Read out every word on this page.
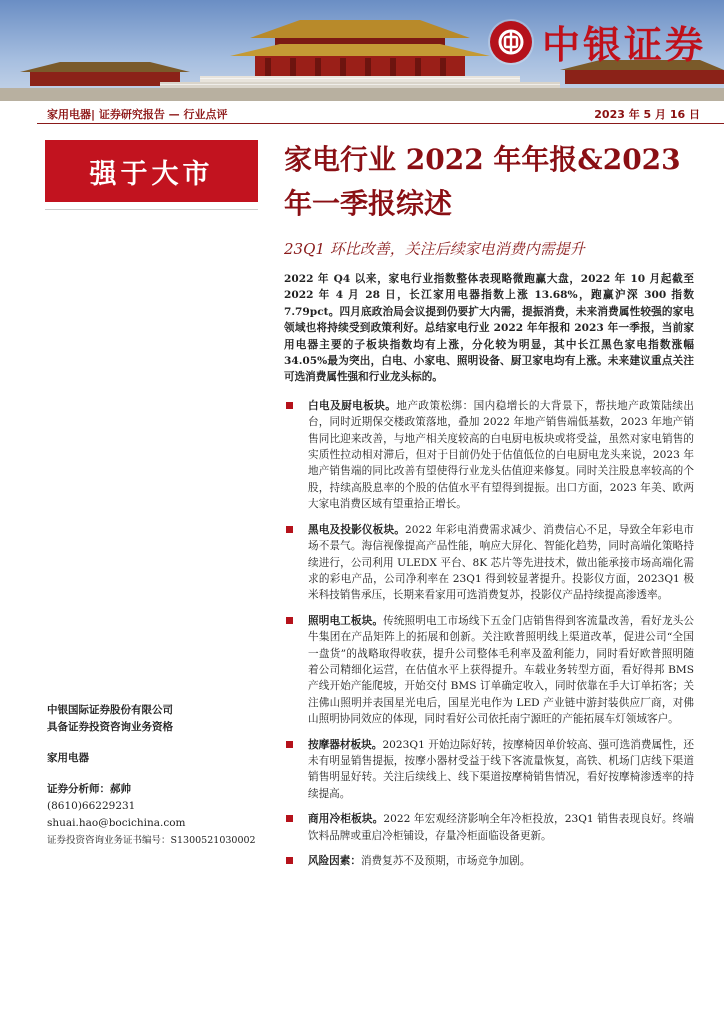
中银证券
家用电器| 证券研究报告 — 行业点评	2023 年 5 月 16 日
强于大市
中银国际证券股份有限公司
具备证券投资咨询业务资格
家用电器
证券分析师：郝帅
(8610)66229231
shuai.hao@bocichina.com
证券投资咨询业务证书编号：S1300521030002
家电行业 2022 年年报&2023 年一季报综述
23Q1 环比改善，关注后续家电消费内需提升
2022 年 Q4 以来，家电行业指数整体表现略微跑赢大盘，2022 年 10 月起截至 2022 年 4 月 28 日，长江家用电器指数上涨 13.68%，跑赢沪深 300 指数 7.79pct。四月底政治局会议提到仍要扩大内需，提振消费，未来消费属性较强的家电领域也将持续受到政策利好。总结家电行业 2022 年年报和 2023 年一季报，当前家用电器主要的子板块指数均有上涨，分化较为明显，其中长江黑色家电指数涨幅 34.05%最为突出，白电、小家电、照明设备、厨卫家电均有上涨。未来建议重点关注可选消费属性强和行业龙头标的。
白电及厨电板块。地产政策松绑：国内稳增长的大背景下，帮扶地产政策陆续出台，同时近期保交楼政策落地，叠加 2022 年地产销售端低基数，2023 年地产销售同比迎来改善，与地产相关度较高的白电厨电板块或将受益，虽然对家电销售的实质性拉动相对滞后，但对于目前仍处于估值低位的白电厨电龙头来说，2023 年地产销售端的同比改善有望使得行业龙头估值迎来修复。同时关注股息率较高的个股，持续高股息率的个股的估值水平有望得到提振。出口方面，2023 年美、欧两大家电消费区域有望重拾正增长。
黑电及投影仪板块。2022 年彩电消费需求减少、消费信心不足，导致全年彩电市场不景气。海信视像提高产品性能，响应大屏化、智能化趋势，同时高端化策略持续进行，公司利用 ULEDX 平台、8K 芯片等先进技术，做出能承接市场高端化需求的彩电产品，公司净利率在 23Q1 得到较显著提升。投影仪方面，2023Q1 极米科技销售承压，长期来看家用可选消费复苏，投影仪产品持续提高渗透率。
照明电工板块。传统照明电工市场线下五金门店销售得到客流量改善，看好龙头公牛集团在产品矩阵上的拓展和创新。关注欧普照明线上渠道改革，促进公司“全国一盘货”的战略取得收获，提升公司整体毛利率及盈利能力，同时看好欧普照明随着公司精细化运营，在估值水平上获得提升。车载业务转型方面，看好得邦 BMS 产线开始产能爬坡，开始交付 BMS 订单确定收入，同时依靠在手大订单拓客；关注佛山照明并表国星光电后，国星光电作为 LED 产业链中游封装供应厂商，对佛山照明协同效应的体现，同时看好公司依托南宁源旺的产能拓展车灯领域客户。
按摩器材板块。2023Q1 开始边际好转，按摩椅因单价较高、强可选消费属性，还未有明显销售提振，按摩小器材受益于线下客流量恢复，高铁、机场门店线下渠道销售明显好转。关注后续线上、线下渠道按摩椅销售情况，看好按摩椅渗透率的持续提高。
商用冷柜板块。2022 年宏观经济影响全年冷柜投放，23Q1 销售表现良好。终端饮料品牌或重启冷柜铺设，存量冷柜面临设备更新。
风险因素：消费复苏不及预期，市场竞争加剧。
